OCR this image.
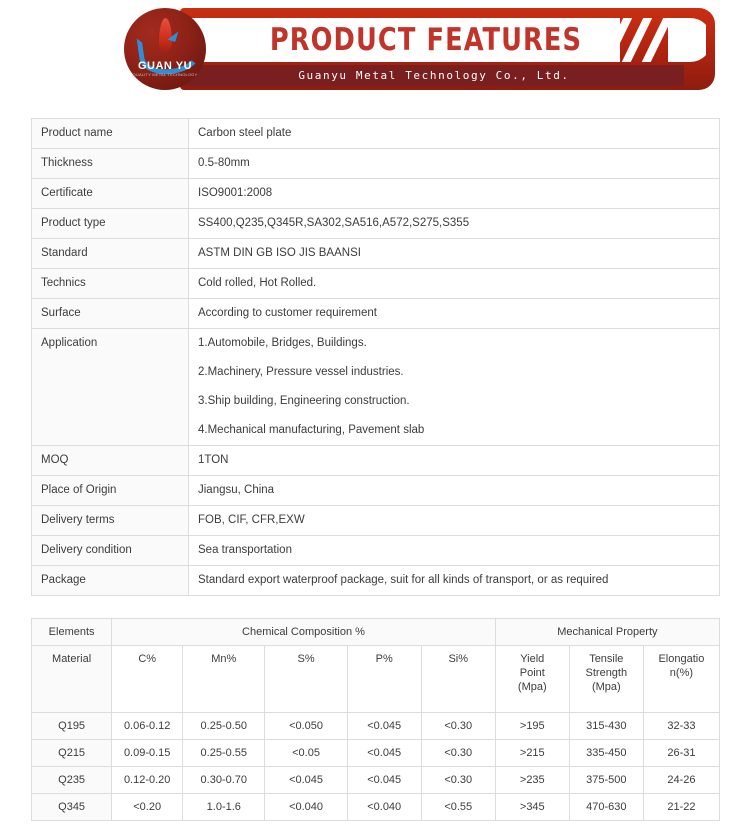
PRODUCT FEATURES
Guanyu Metal Technology Co., Ltd.
GUAN YU
QUALITY METAL TECHNOLOGY
Product name	Carbon steel plate
Thickness	0.5-80mm
Certificate	ISO9001:2008
Product type	SS400,Q235,Q345R,SA302,SA516,A572,S275,S355
Standard	ASTM DIN GB ISO JIS BAANSI
Technics	Cold rolled, Hot Rolled.
Surface	According to customer requirement
Application	1.Automobile, Bridges, Buildings.
2.Machinery, Pressure vessel industries.
3.Ship building, Engineering construction.
4.Mechanical manufacturing, Pavement slab

MOQ	1TON
Place of Origin	Jiangsu, China
Delivery terms	FOB, CIF, CFR,EXW
Delivery condition	Sea transportation
Package	Standard export waterproof package, suit for all kinds of transport, or as required
Elements	Chemical Composition %					Mechanical Property		
Material	C%	Mn%	S%	P%	Si%	Yield
Point
(Mpa)	Tensile
Strength
(Mpa)	Elongatio
n(%)
Q195	0.06-0.12	0.25-0.50	<0.050	<0.045	<0.30	>195	315-430	32-33
Q215	0.09-0.15	0.25-0.55	<0.05	<0.045	<0.30	>215	335-450	26-31
Q235	0.12-0.20	0.30-0.70	<0.045	<0.045	<0.30	>235	375-500	24-26
Q345	<0.20	1.0-1.6	<0.040	<0.040	<0.55	>345	470-630	21-22
